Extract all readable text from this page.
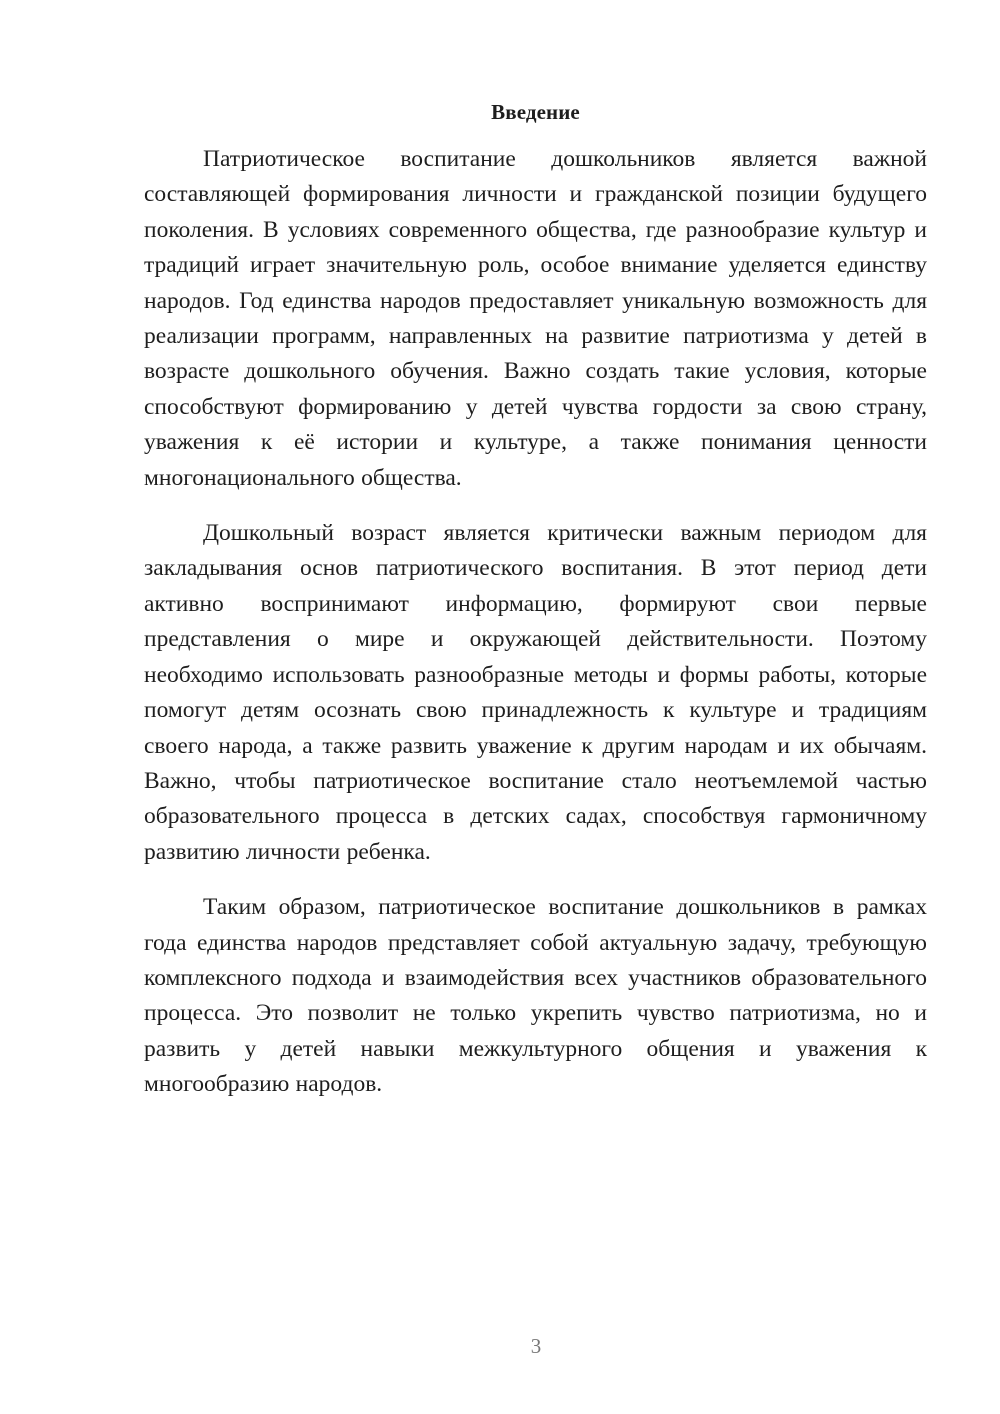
Введение

Патриотическое воспитание дошкольников является важной составляющей формирования личности и гражданской позиции будущего поколения. В условиях современного общества, где разнообразие культур и традиций играет значительную роль, особое внимание уделяется единству народов. Год единства народов предоставляет уникальную возможность для реализации программ, направленных на развитие патриотизма у детей в возрасте дошкольного обучения. Важно создать такие условия, которые способствуют формированию у детей чувства гордости за свою страну, уважения к её истории и культуре, а также понимания ценности многонационального общества.

Дошкольный возраст является критически важным периодом для закладывания основ патриотического воспитания. В этот период дети активно воспринимают информацию, формируют свои первые представления о мире и окружающей действительности. Поэтому необходимо использовать разнообразные методы и формы работы, которые помогут детям осознать свою принадлежность к культуре и традициям своего народа, а также развить уважение к другим народам и их обычаям. Важно, чтобы патриотическое воспитание стало неотъемлемой частью образовательного процесса в детских садах, способствуя гармоничному развитию личности ребенка.

Таким образом, патриотическое воспитание дошкольников в рамках года единства народов представляет собой актуальную задачу, требующую комплексного подхода и взаимодействия всех участников образовательного процесса. Это позволит не только укрепить чувство патриотизма, но и развить у детей навыки межкультурного общения и уважения к многообразию народов.

3
